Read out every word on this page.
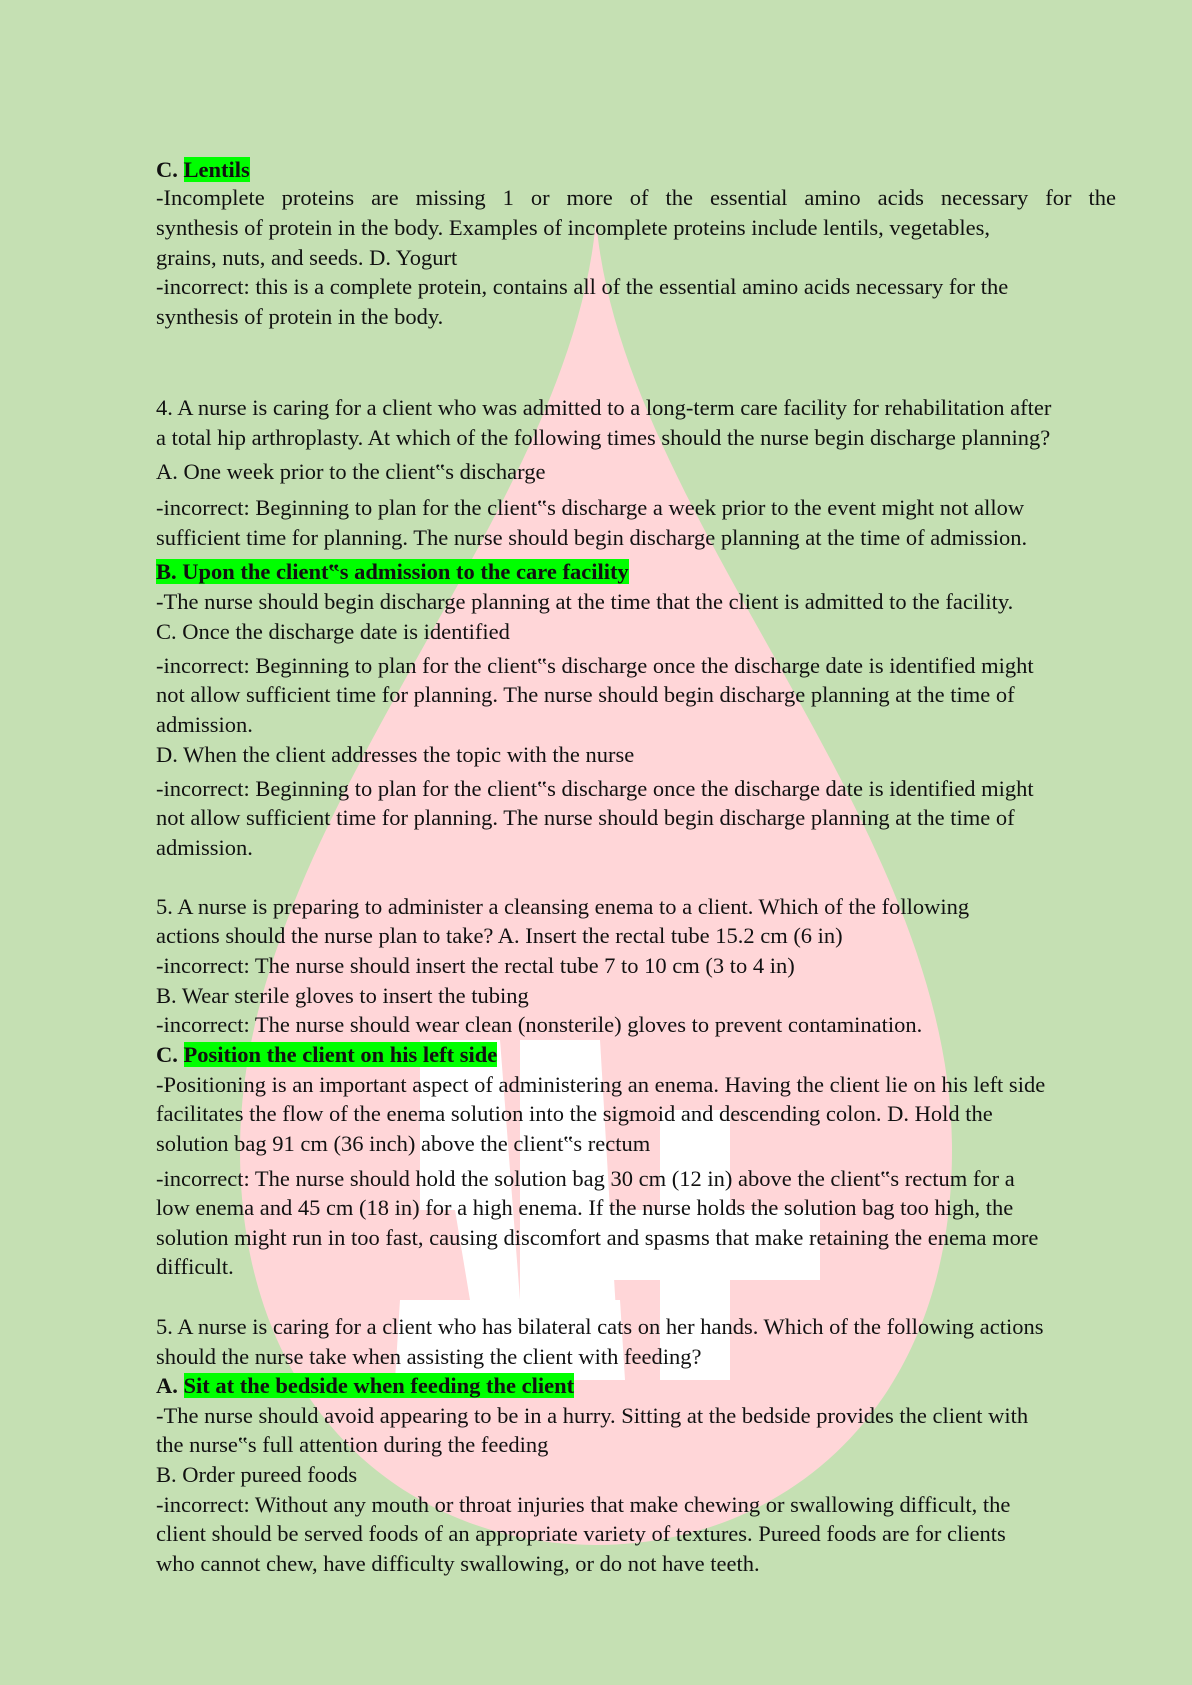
C. Lentils
-Incomplete proteins are missing 1 or more of the essential amino acids necessary for the
synthesis of protein in the body. Examples of incomplete proteins include lentils, vegetables,
grains, nuts, and seeds. D. Yogurt
-incorrect: this is a complete protein, contains all of the essential amino acids necessary for the
synthesis of protein in the body.
4. A nurse is caring for a client who was admitted to a long-term care facility for rehabilitation after
a total hip arthroplasty. At which of the following times should the nurse begin discharge planning?
A. One week prior to the client‟s discharge
-incorrect: Beginning to plan for the client‟s discharge a week prior to the event might not allow
sufficient time for planning. The nurse should begin discharge planning at the time of admission.
B. Upon the client‟s admission to the care facility
-The nurse should begin discharge planning at the time that the client is admitted to the facility.
C. Once the discharge date is identified
-incorrect: Beginning to plan for the client‟s discharge once the discharge date is identified might
not allow sufficient time for planning. The nurse should begin discharge planning at the time of
admission.
D. When the client addresses the topic with the nurse
-incorrect: Beginning to plan for the client‟s discharge once the discharge date is identified might
not allow sufficient time for planning. The nurse should begin discharge planning at the time of
admission.
5. A nurse is preparing to administer a cleansing enema to a client. Which of the following
actions should the nurse plan to take? A. Insert the rectal tube 15.2 cm (6 in)
-incorrect: The nurse should insert the rectal tube 7 to 10 cm (3 to 4 in)
B. Wear sterile gloves to insert the tubing
-incorrect: The nurse should wear clean (nonsterile) gloves to prevent contamination.
C. Position the client on his left side
-Positioning is an important aspect of administering an enema. Having the client lie on his left side
facilitates the flow of the enema solution into the sigmoid and descending colon. D. Hold the
solution bag 91 cm (36 inch) above the client‟s rectum
-incorrect: The nurse should hold the solution bag 30 cm (12 in) above the client‟s rectum for a
low enema and 45 cm (18 in) for a high enema. If the nurse holds the solution bag too high, the
solution might run in too fast, causing discomfort and spasms that make retaining the enema more
difficult.
5. A nurse is caring for a client who has bilateral cats on her hands. Which of the following actions
should the nurse take when assisting the client with feeding?
A. Sit at the bedside when feeding the client
-The nurse should avoid appearing to be in a hurry. Sitting at the bedside provides the client with
the nurse‟s full attention during the feeding
B. Order pureed foods
-incorrect: Without any mouth or throat injuries that make chewing or swallowing difficult, the
client should be served foods of an appropriate variety of textures. Pureed foods are for clients
who cannot chew, have difficulty swallowing, or do not have teeth.
